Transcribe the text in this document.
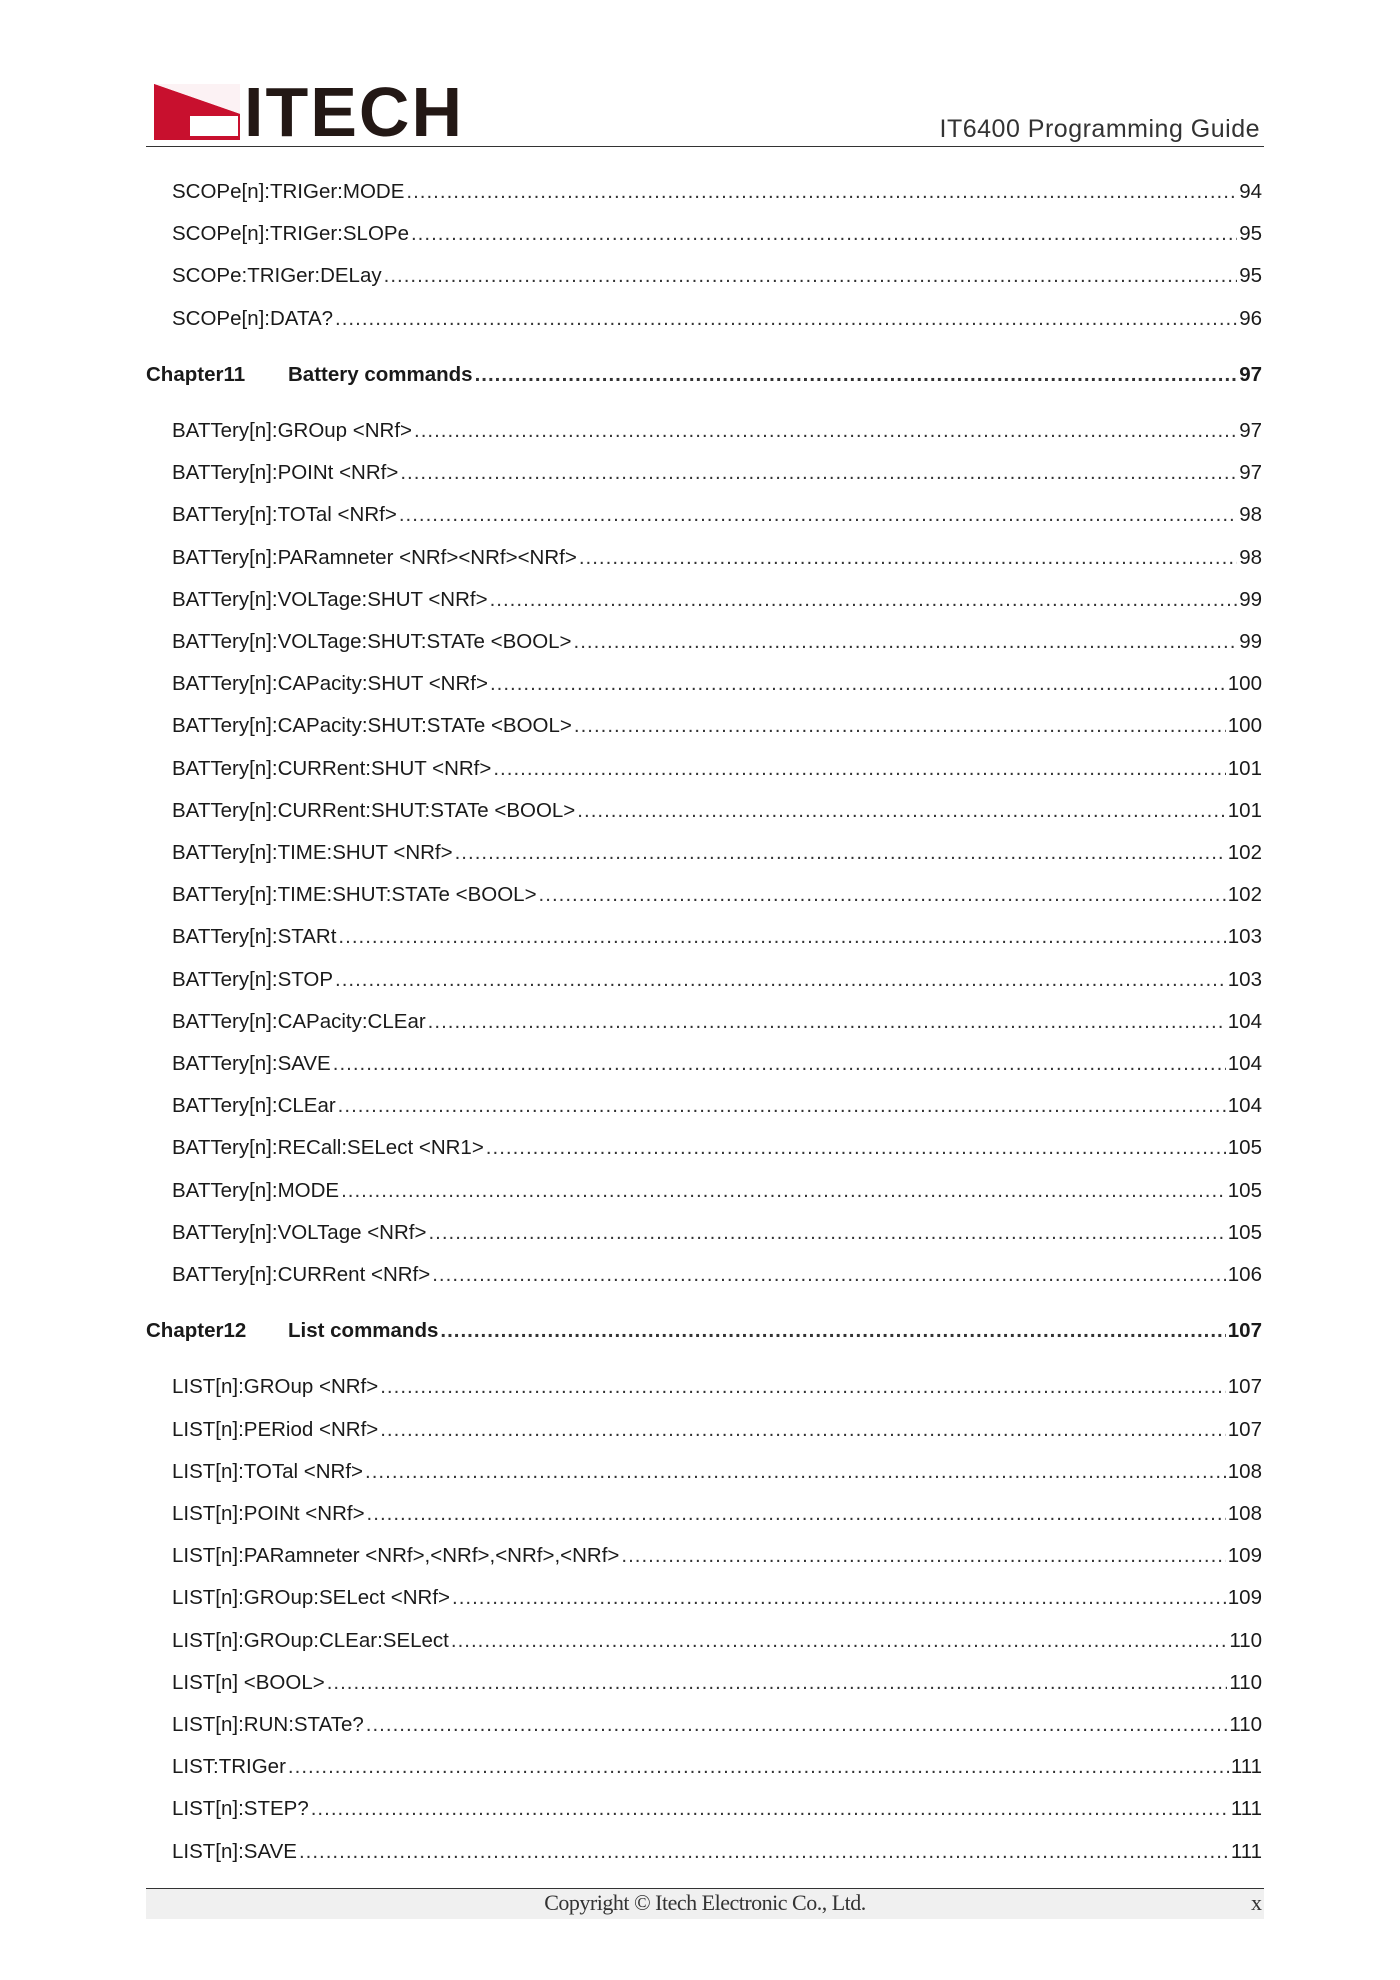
ITECH	IT6400 Programming Guide
SCOPe[n]:TRIGer:MODE .....	94
SCOPe[n]:TRIGer:SLOPe .....	95
SCOPe:TRIGer:DELay .....	95
SCOPe[n]:DATA? .....	96
Chapter11	Battery commands .....	97
BATTery[n]:GROup <NRf> .....	97
BATTery[n]:POINt <NRf> .....	97
BATTery[n]:TOTal <NRf> .....	98
BATTery[n]:PARamneter <NRf><NRf><NRf> .....	98
BATTery[n]:VOLTage:SHUT <NRf> .....	99
BATTery[n]:VOLTage:SHUT:STATe <BOOL> .....	99
BATTery[n]:CAPacity:SHUT <NRf> .....	100
BATTery[n]:CAPacity:SHUT:STATe <BOOL> .....	100
BATTery[n]:CURRent:SHUT <NRf> .....	101
BATTery[n]:CURRent:SHUT:STATe <BOOL> .....	101
BATTery[n]:TIME:SHUT <NRf> .....	102
BATTery[n]:TIME:SHUT:STATe <BOOL> .....	102
BATTery[n]:STARt .....	103
BATTery[n]:STOP .....	103
BATTery[n]:CAPacity:CLEar .....	104
BATTery[n]:SAVE .....	104
BATTery[n]:CLEar .....	104
BATTery[n]:RECall:SELect <NR1> .....	105
BATTery[n]:MODE .....	105
BATTery[n]:VOLTage <NRf> .....	105
BATTery[n]:CURRent <NRf> .....	106
Chapter12	List commands .....	107
LIST[n]:GROup <NRf> .....	107
LIST[n]:PERiod <NRf> .....	107
LIST[n]:TOTal <NRf> .....	108
LIST[n]:POINt <NRf> .....	108
LIST[n]:PARamneter <NRf>,<NRf>,<NRf>,<NRf> .....	109
LIST[n]:GROup:SELect <NRf> .....	109
LIST[n]:GROup:CLEar:SELect .....	110
LIST[n] <BOOL> .....	110
LIST[n]:RUN:STATe? .....	110
LIST:TRIGer .....	111
LIST[n]:STEP? .....	111
LIST[n]:SAVE .....	111
Copyright © Itech Electronic Co., Ltd.	x
